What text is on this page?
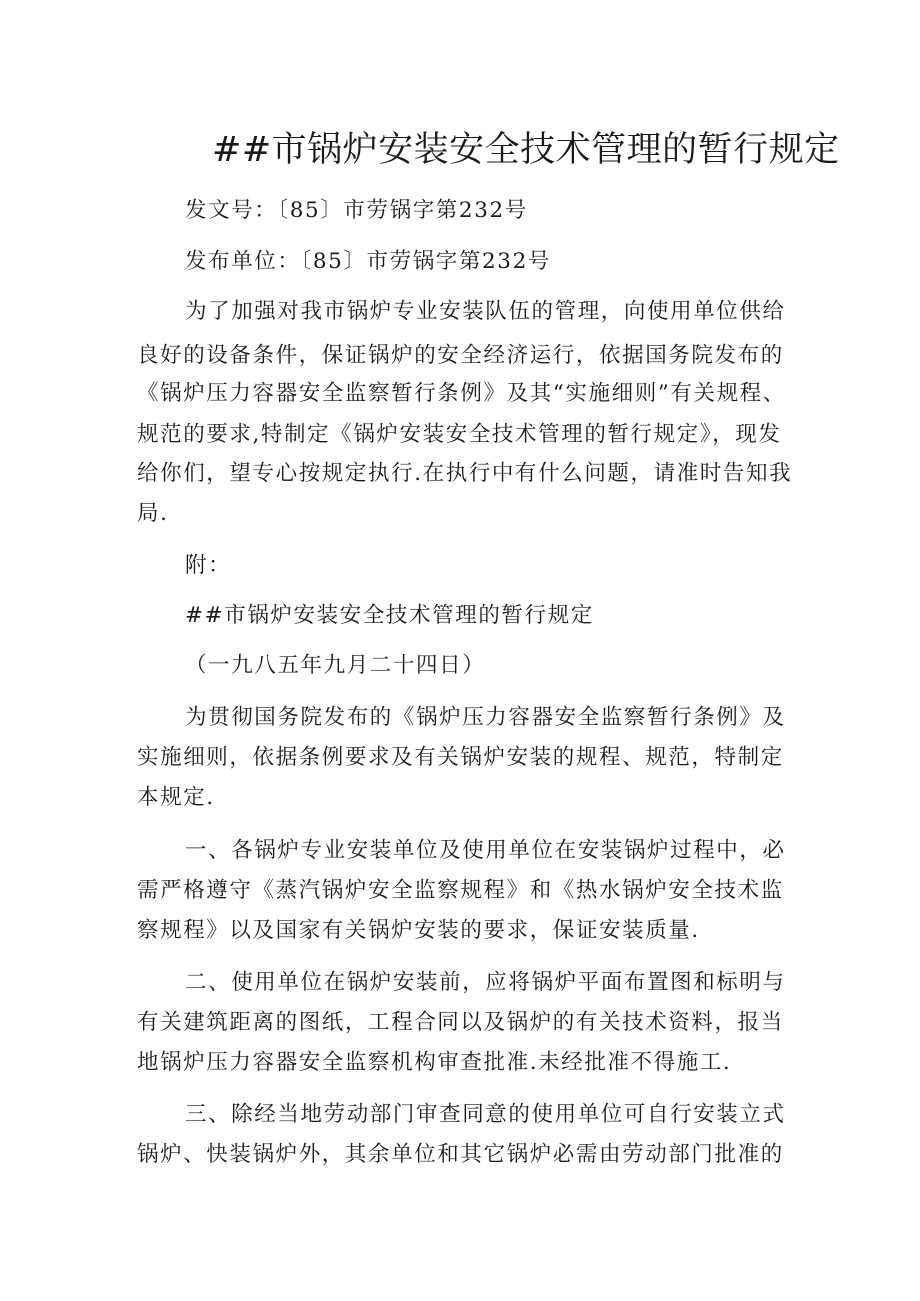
##市锅炉安装安全技术管理的暂行规定

发文号：〔85〕市劳锅字第232号

发布单位：〔85〕市劳锅字第232号

为了加强对我市锅炉专业安装队伍的管理，向使用单位供给

良好的设备条件，保证锅炉的安全经济运行，依据国务院发布的

《锅炉压力容器安全监察暂行条例》及其“实施细则”有关规程、

规范的要求,特制定《锅炉安装安全技术管理的暂行规定》，现发

给你们，望专心按规定执行.在执行中有什么问题，请准时告知我

局.

附：

##市锅炉安装安全技术管理的暂行规定

（一九八五年九月二十四日）

为贯彻国务院发布的《锅炉压力容器安全监察暂行条例》及

实施细则，依据条例要求及有关锅炉安装的规程、规范，特制定

本规定.

一、各锅炉专业安装单位及使用单位在安装锅炉过程中，必

需严格遵守《蒸汽锅炉安全监察规程》和《热水锅炉安全技术监

察规程》以及国家有关锅炉安装的要求，保证安装质量.

二、使用单位在锅炉安装前，应将锅炉平面布置图和标明与

有关建筑距离的图纸，工程合同以及锅炉的有关技术资料，报当

地锅炉压力容器安全监察机构审查批准.未经批准不得施工.

三、除经当地劳动部门审查同意的使用单位可自行安装立式

锅炉、快装锅炉外，其余单位和其它锅炉必需由劳动部门批准的
